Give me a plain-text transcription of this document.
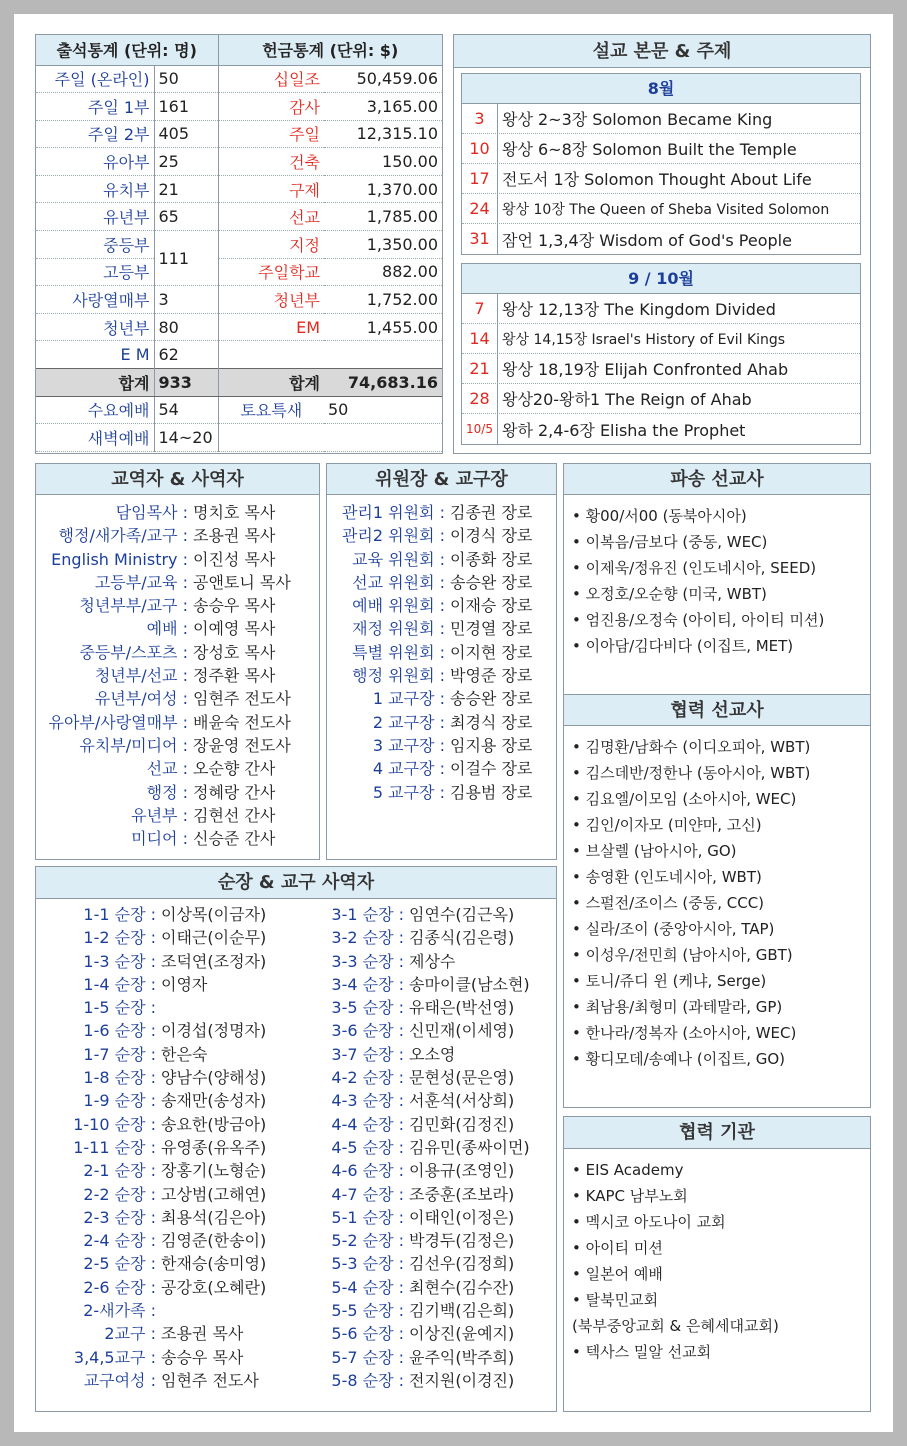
출석통계 (단위: 명)		헌금통계 (단위: $)	
주일 (온라인)	50	십일조	50,459.06
주일 1부	161	감사	3,165.00
주일 2부	405	주일	12,315.10
유아부	25	건축	150.00
유치부	21	구제	1,370.00
유년부	65	선교	1,785.00
중등부	111	지정	1,350.00
고등부		주일학교	882.00
사랑열매부	3	청년부	1,752.00
청년부	80	EM	1,455.00
E M	62		
합계	933	합계	74,683.16
수요예배	54	토요특새	50
새벽예배	14~20		
설교 본문 & 주제
8월
3	왕상 2~3장 Solomon Became King
10 왕상 6~8장 Solomon Built the Temple
17 전도서 1장 Solomon Thought About Life
24 왕상 10장 The Queen of Sheba Visited Solomon
31 잠언 1,3,4장 Wisdom of God's People
9 / 10월
7	왕상 12,13장 The Kingdom Divided
14 왕상 14,15장 Israel's History of Evil Kings
21 왕상 18,19장 Elijah Confronted Ahab
28 왕상20-왕하1 The Reign of Ahab
10/5 왕하 2,4-6장 Elisha the Prophet
교역자 & 사역자
담임목사 : 명치호 목사
행정/새가족/교구 : 조용권 목사
English Ministry : 이진성 목사
고등부/교육 : 공앤토니 목사
청년부부/교구 : 송승우 목사
예배 : 이예영 목사
중등부/스포츠 : 장성호 목사
청년부/선교 : 정주환 목사
유년부/여성 : 임현주 전도사
유아부/사랑열매부 : 배윤숙 전도사
유치부/미디어 : 장윤영 전도사
선교 : 오순향 간사
행정 : 정혜랑 간사
유년부 : 김현선 간사
미디어 : 신승준 간사
위원장 & 교구장
관리1 위원회 : 김종권 장로
관리2 위원회 : 이경식 장로
교육 위원회 : 이종화 장로
선교 위원회 : 송승완 장로
예배 위원회 : 이재승 장로
재정 위원회 : 민경열 장로
특별 위원회 : 이지현 장로
행정 위원회 : 박영준 장로
1 교구장 : 송승완 장로
2 교구장 : 최경식 장로
3 교구장 : 임지용 장로
4 교구장 : 이걸수 장로
5 교구장 : 김용범 장로
파송 선교사
• 황00/서00 (동북아시아)
• 이복음/금보다 (중동, WEC)
• 이제욱/정유진 (인도네시아, SEED)
• 오정호/오순향 (미국, WBT)
• 엄진용/오정숙 (아이티, 아이티 미션)
• 이아담/김다비다 (이집트, MET)
협력 선교사
• 김명환/남화수 (이디오피아, WBT)
• 김스데반/정한나 (동아시아, WBT)
• 김요엘/이모임 (소아시아, WEC)
• 김인/이자모 (미얀마, 고신)
• 브살렐 (남아시아, GO)
• 송영환 (인도네시아, WBT)
• 스펄전/조이스 (중동, CCC)
• 실라/조이 (중앙아시아, TAP)
• 이성우/전민희 (남아시아, GBT)
• 토니/쥬디 윈 (케냐, Serge)
• 최남용/최형미 (과테말라, GP)
• 한나라/정복자 (소아시아, WEC)
• 황디모데/송예나 (이집트, GO)
협력 기관
• EIS Academy
• KAPC 남부노회
• 멕시코 아도나이 교회
• 아이티 미션
• 일본어 예배
• 탈북민교회
(북부중앙교회 & 은혜세대교회)
• 텍사스 밀알 선교회
순장 & 교구 사역자
1-1 순장 : 이상목(이금자)
1-2 순장 : 이태근(이순무)
1-3 순장 : 조덕연(조정자)
1-4 순장 : 이영자
1-5 순장 :
1-6 순장 : 이경섭(정명자)
1-7 순장 : 한은숙
1-8 순장 : 양남수(양해성)
1-9 순장 : 송재만(송성자)
1-10 순장 : 송요한(방금아)
1-11 순장 : 유영종(유옥주)
2-1 순장 : 장홍기(노형순)
2-2 순장 : 고상범(고해연)
2-3 순장 : 최용석(김은아)
2-4 순장 : 김영준(한송이)
2-5 순장 : 한재승(송미영)
2-6 순장 : 공강호(오혜란)
2-새가족 :
2교구 : 조용권 목사
3,4,5교구 : 송승우 목사
교구여성 : 임현주 전도사
3-1 순장 : 임연수(김근옥)
3-2 순장 : 김종식(김은령)
3-3 순장 : 제상수
3-4 순장 : 송마이클(남소현)
3-5 순장 : 유태은(박선영)
3-6 순장 : 신민재(이세영)
3-7 순장 : 오소영
4-2 순장 : 문현성(문은영)
4-3 순장 : 서훈석(서상희)
4-4 순장 : 김민화(김정진)
4-5 순장 : 김유민(종싸이먼)
4-6 순장 : 이용규(조영인)
4-7 순장 : 조중훈(조보라)
5-1 순장 : 이태인(이정은)
5-2 순장 : 박경두(김정은)
5-3 순장 : 김선우(김정희)
5-4 순장 : 최현수(김수잔)
5-5 순장 : 김기백(김은희)
5-6 순장 : 이상진(윤예지)
5-7 순장 : 윤주익(박주희)
5-8 순장 : 전지원(이경진)
